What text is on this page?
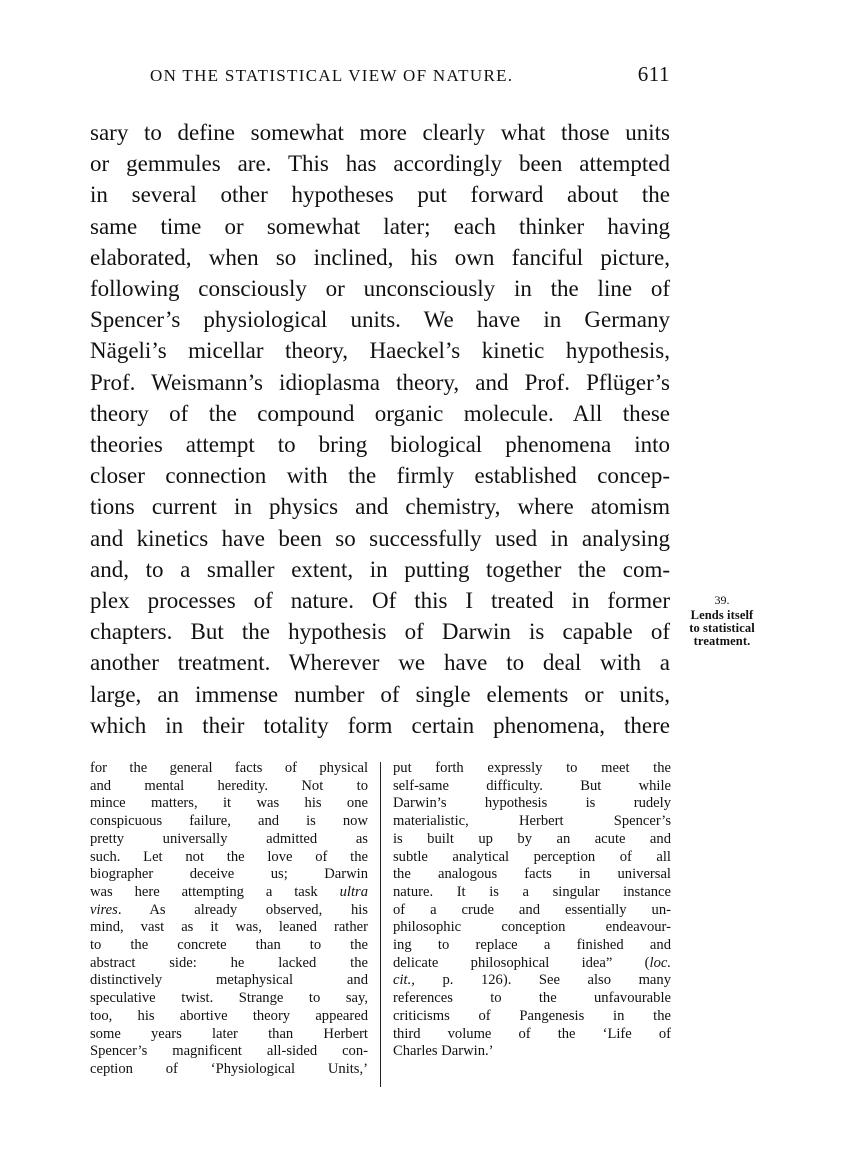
ON THE STATISTICAL VIEW OF NATURE.	611
sary to define somewhat more clearly what those units
or gemmules are. This has accordingly been attempted
in several other hypotheses put forward about the
same time or somewhat later; each thinker having
elaborated, when so inclined, his own fanciful picture,
following consciously or unconsciously in the line of
Spencer’s physiological units. We have in Germany
Nägeli’s micellar theory, Haeckel’s kinetic hypothesis,
Prof. Weismann’s idioplasma theory, and Prof. Pflüger’s
theory of the compound organic molecule. All these
theories attempt to bring biological phenomena into
closer connection with the firmly established concep-
tions current in physics and chemistry, where atomism
and kinetics have been so successfully used in analysing
and, to a smaller extent, in putting together the com-
plex processes of nature. Of this I treated in former
chapters. But the hypothesis of Darwin is capable of
another treatment. Wherever we have to deal with a
large, an immense number of single elements or units,
which in their totality form certain phenomena, there
39.
Lends itself
to statistical
treatment.
for the general facts of physical
and mental heredity. Not to
mince matters, it was his one
conspicuous failure, and is now
pretty universally admitted as
such. Let not the love of the
biographer deceive us; Darwin
was here attempting a task ultra
vires. As already observed, his
mind, vast as it was, leaned rather
to the concrete than to the
abstract side: he lacked the
distinctively metaphysical and
speculative twist. Strange to say,
too, his abortive theory appeared
some years later than Herbert
Spencer’s magnificent all-sided con-
ception of ‘Physiological Units,’
put forth expressly to meet the
self-same difficulty. But while
Darwin’s hypothesis is rudely
materialistic, Herbert Spencer’s
is built up by an acute and
subtle analytical perception of all
the analogous facts in universal
nature. It is a singular instance
of a crude and essentially un-
philosophic conception endeavour-
ing to replace a finished and
delicate philosophical idea” (loc.
cit., p. 126). See also many
references to the unfavourable
criticisms of Pangenesis in the
third volume of the ‘Life of
Charles Darwin.’
